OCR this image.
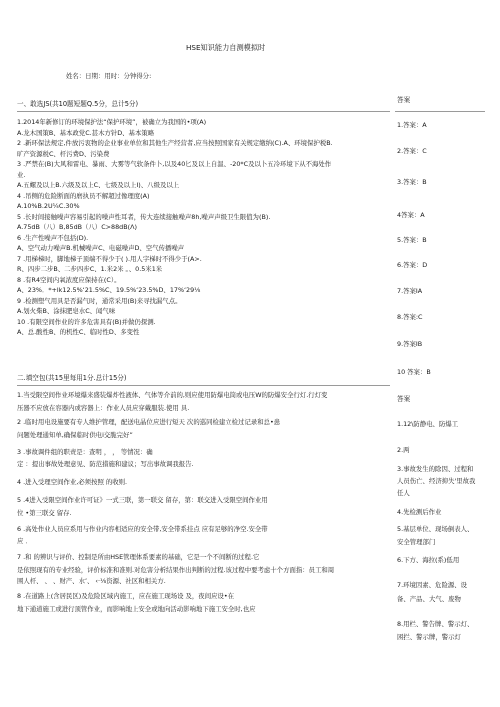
HSE知识能力自测模拟时
姓名：日期：用时：分钟得分:
一、敢选JS(共10题短题Q.5分，总计5分)
1.2014年新修订的环境保护法“保护环境”，被确立为我国的•项(A)
A.龙木国策B、基本政党C.甚木方针D、基本策略
2 .新环保法规定,件放污衷物的企业事业单位和其他生产经营者,应当按照国家有关规定缴纳(C).A、环境保护税B.
旷产资源税C、杆污费D、污染费
3 .严禁在(B)大风和雷电、暴雨、大雾等气软条件卜,以及40匕及以上自温、-20*C及以卜五冷环境下从不海处作
业.
A.五螺及以上B.六级及以上C、七级及以上I)、八级及以上
4 .吊侧的危险断面的磨执员不解超过像理度(A)
A.10%B.2U¼C.30%
5 .长时间接触噪声容易引起的噪声性耳者，传大连续接触噪声8h,噪声声级卫生限值为(B).
A.75dB（八）B,85dB（八）C>88dB(Λ)
6 .生产性噪声不包括(D).
A、空气动力噪声B.机械噪声C、电磁噪声D、空气传播噪声
7 .用梯梯时，脚地梯子顶端不得少于( ).用人字梯时不得少于(A>.
R、四步二步B、二步四步C、1.米2米 。、0.5米1米
8 .有R4空间内氧浓度应保持在(C）。
A、23%．*+lk12.5%‘21.5%C、19.5%‘23.5%D、17%‘29⅛
9 .检测塑气用具是否漏气时，通常采用(B)来寻找漏气点。
A.划火柴B、涂抹肥皂水C、闻气味
10 .有限空间作业的许多危害具有(B)并做仍探测.
A、总.酸性B、的机性C、临时性D、多变性
二.填空包(共15里每用1分.总计15分)
1.当受限空间作业环境爆来盛装爆炸性液体、气体等介前的,则应使用防爆电筒或电压W的防爆安全行灯.行灯变
压器不应放在容器内或容器上：作业人员应穿戴服装.使用 具.
2 .临时用电设施要有专人维护管理，配送电晶位应进行短天 次的巡同检建立检过记录和总•患
问题处理通知单,确保临时供电i交脆完好”
3 .事故调件组的职责是：查明 ， ， 等情况：确
定 ：提出事故处理意见、防范措施和建议；写出事故调我报告.
4 .进入受理空间作业,必须按照 的收则.
5 .4进入受限空间作业许可证》一式三联，第一联交 留存，第：联交进入受限空间作业用
位 •第三联交 留存.
6 .高处作业人员应系用与作业内容相适应的安全带,安全带系挂点 应有足够的净空.安全带
应 ．
7 .和 的辨识与评价、控制是所由HSE管理体系要素的基础，它是一个不间断的过程.它
是依照现有的专业经验，评价标准和准则.对危害分析结果作出判断的过程.该过程中要考虑十个方面指：员工和周
围人杆、 、 、财产、水’、 ‹·⅛资源、社区和相关方.
8 .在道路上(含居民区)及危险区域内施工，应在施工现场设 及，夜间应设•在
地下通道施工或进行顶管作业，而影响地上安全或地向活动影响地下施工安全时,也应
答案
1.答案：A
2.答案：C
3.答案：B
4答案：A
5.答案：B
6.答案：D
7.答案IA
8.答案:C
9.答案IB
10 答案：B
答案
1.12\防静电、防爆工
2.两
3.事故发生的除因、过程和
人员伤亡、经济抑失'里故我
任人
4.先检测后作业
5.基层单位、现场倒表人、
安全管理部门
6.下方、海拉(系)低用
7.环境因素、危险源、设
备、产品、大气、废物
8.用栏、警告牌、警示灯、
困拦、警示牌，警示灯
